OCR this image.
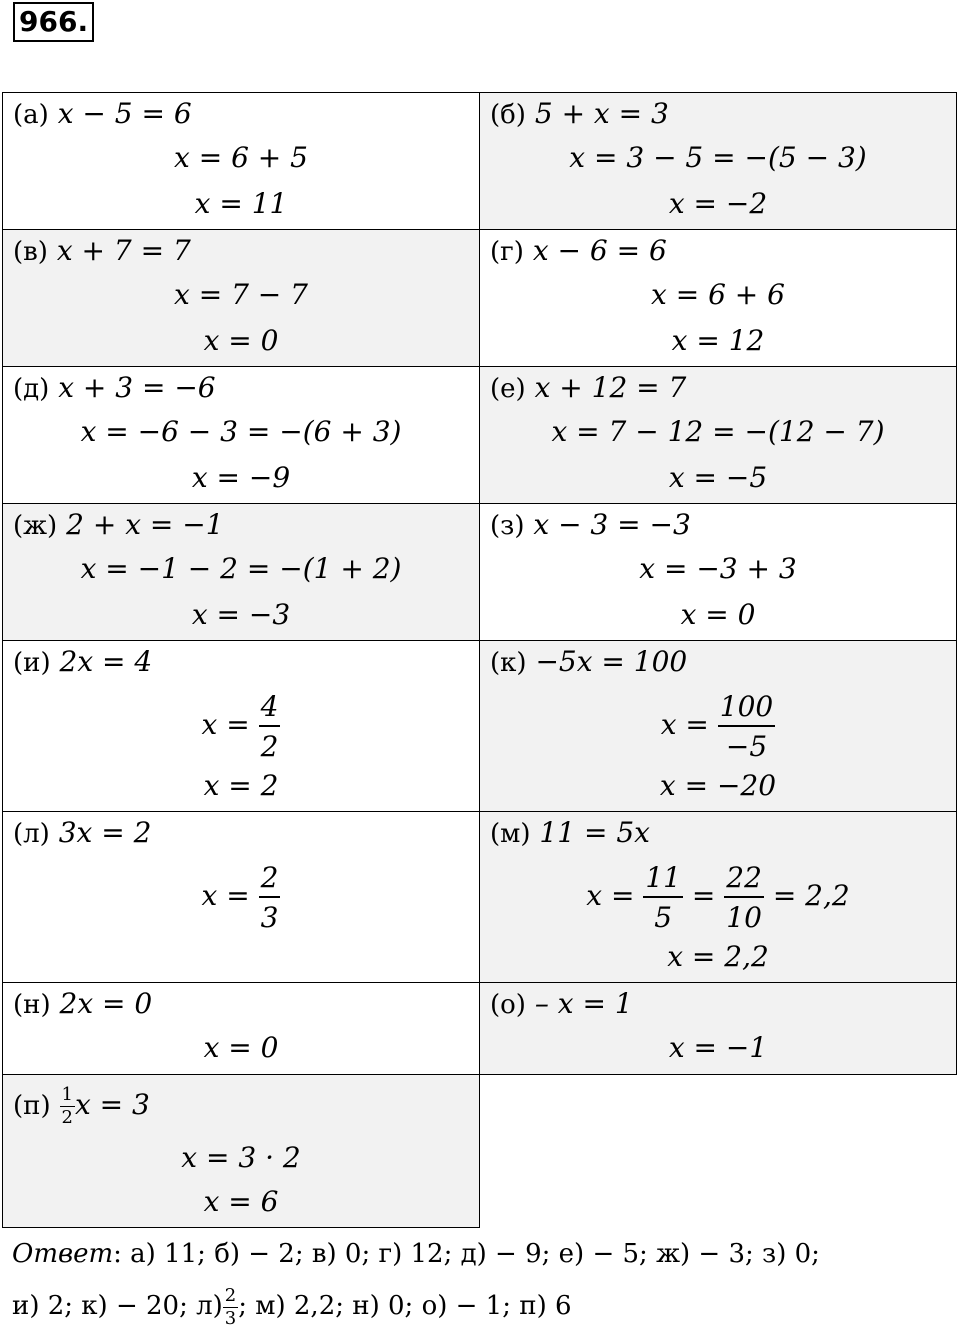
966.
(а) x − 5 = 6
x = 6 + 5
x = 11
(б) 5 + x = 3
x = 3 − 5 = −(5 − 3)
x = −2
(в) x + 7 = 7
x = 7 − 7
x = 0
(г) x − 6 = 6
x = 6 + 6
x = 12
(д) x + 3 = −6
x = −6 − 3 = −(6 + 3)
x = −9
(е) x + 12 = 7
x = 7 − 12 = −(12 − 7)
x = −5
(ж) 2 + x = −1
x = −1 − 2 = −(1 + 2)
x = −3
(з) x − 3 = −3
x = −3 + 3
x = 0
(и) 2x = 4
$x = \frac{4}{2}$
x = 2
(к) −5x = 100
$x = \frac{100}{-5}$
x = −20
(л) 3x = 2
$x = \frac{2}{3}$
(м) 11 = 5x
$x = \frac{11}{5} = \frac{22}{10} = 2,2$
x = 2,2
(н) 2x = 0
x = 0
(о) – x = 1
x = −1
$(п) \frac{1}{2}$ x = 3
x = 3 · 2
x = 6
Ответ: а) 11; б) − 2; в) 0; г) 12; д) − 9; е) − 5; ж) − 3; з) 0;
и) 2; к) − 20; $л) \frac{2}{3}$ ; м) 2,2; н) 0; о) − 1; п) 6
